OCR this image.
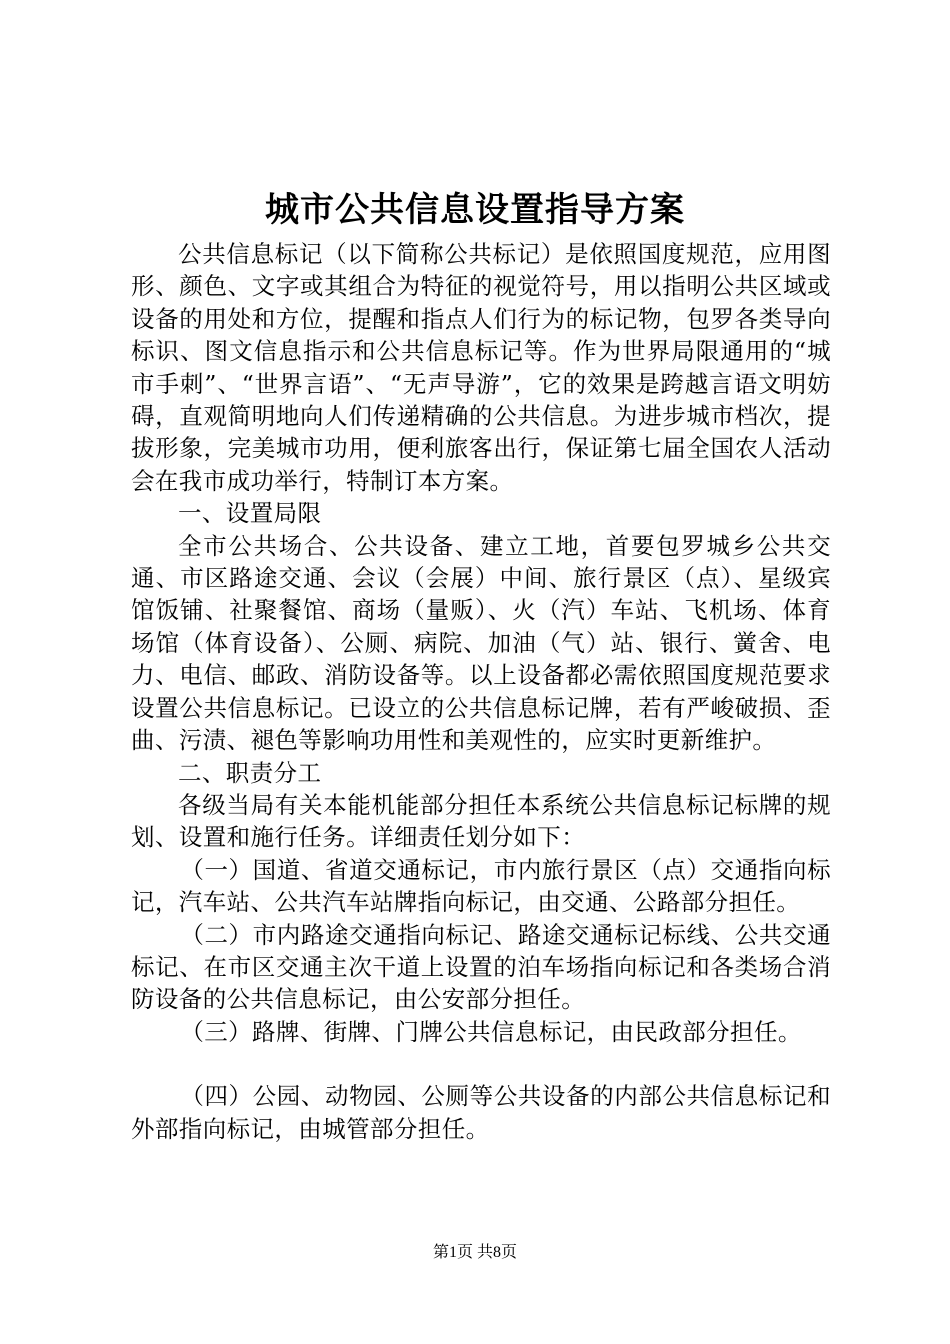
城市公共信息设置指导方案

公共信息标记（以下简称公共标记）是依照国度规范，应用图形、颜色、文字或其组合为特征的视觉符号，用以指明公共区域或设备的用处和方位，提醒和指点人们行为的标记物，包罗各类导向标识、图文信息指示和公共信息标记等。作为世界局限通用的“城市手刺”、“世界言语”、“无声导游”，它的效果是跨越言语文明妨碍，直观简明地向人们传递精确的公共信息。为进步城市档次，提拔形象，完美城市功用，便利旅客出行，保证第七届全国农人活动会在我市成功举行，特制订本方案。

一、设置局限

全市公共场合、公共设备、建立工地，首要包罗城乡公共交通、市区路途交通、会议（会展）中间、旅行景区（点）、星级宾馆饭铺、社聚餐馆、商场（量贩）、火（汽）车站、飞机场、体育场馆（体育设备）、公厕、病院、加油（气）站、银行、黉舍、电力、电信、邮政、消防设备等。以上设备都必需依照国度规范要求设置公共信息标记。已设立的公共信息标记牌，若有严峻破损、歪曲、污渍、褪色等影响功用性和美观性的，应实时更新维护。

二、职责分工

各级当局有关本能机能部分担任本系统公共信息标记标牌的规划、设置和施行任务。详细责任划分如下：

（一）国道、省道交通标记，市内旅行景区（点）交通指向标记，汽车站、公共汽车站牌指向标记，由交通、公路部分担任。

（二）市内路途交通指向标记、路途交通标记标线、公共交通标记、在市区交通主次干道上设置的泊车场指向标记和各类场合消防设备的公共信息标记，由公安部分担任。

（三）路牌、街牌、门牌公共信息标记，由民政部分担任。

（四）公园、动物园、公厕等公共设备的内部公共信息标记和外部指向标记，由城管部分担任。

第1页 共8页
